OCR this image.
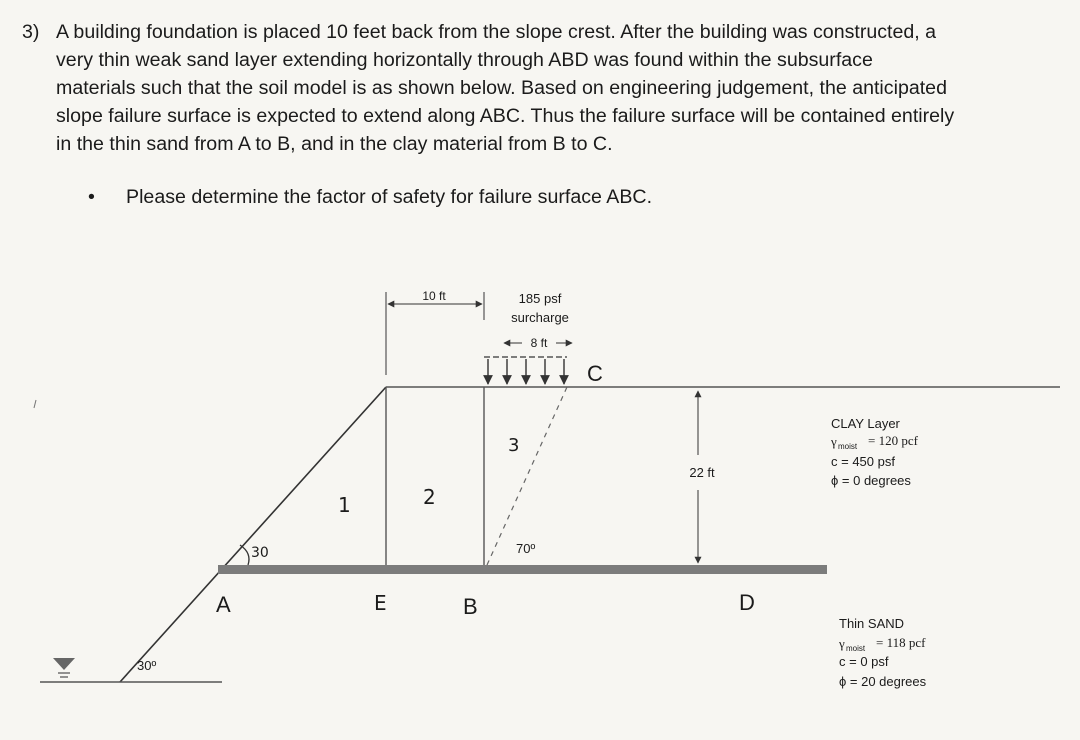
3) A building foundation is placed 10 feet back from the slope crest. After the building was constructed, a

very thin weak sand layer extending horizontally through ABD was found within the subsurface

materials such that the soil model is as shown below. Based on engineering judgement, the anticipated

slope failure surface is expected to extend along ABC. Thus the failure surface will be contained entirely

in the thin sand from A to B, and in the clay material from B to C.

• Please determine the factor of safety for failure surface ABC.
10 ft	185 psf
surcharge
8 ft
C
1	2
3
30	70º
30º
A	E	B	D
22 ft
CLAY Layer
γ moist = 120 pcf
c = 450 psf
ϕ = 0 degrees
Thin SAND
γ moist = 118 pcf
c = 0 psf
ϕ = 20 degrees
